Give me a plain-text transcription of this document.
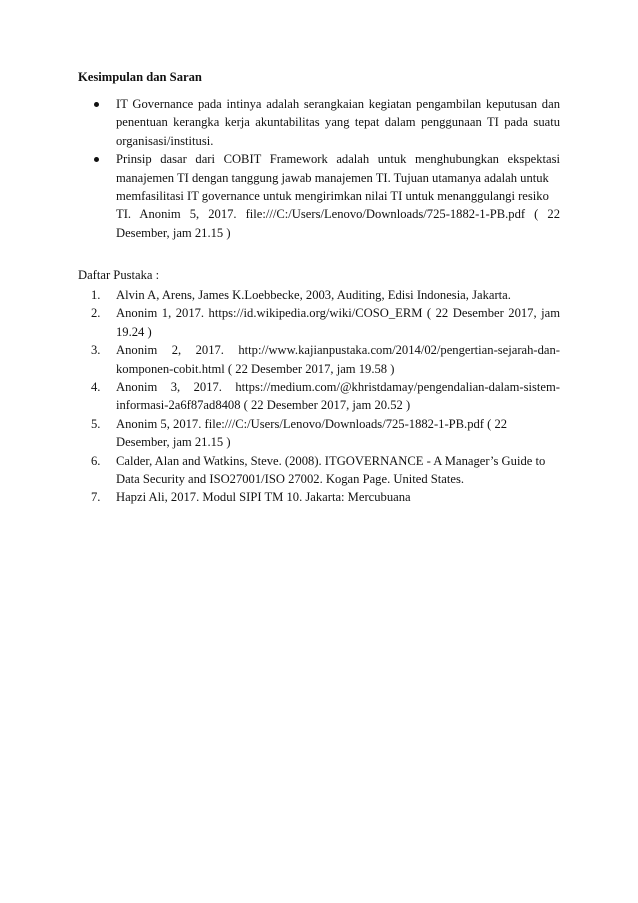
Kesimpulan dan Saran

IT Governance pada intinya adalah serangkaian kegiatan pengambilan keputusan dan
penentuan kerangka kerja akuntabilitas yang tepat dalam penggunaan TI pada suatu
organisasi/institusi.
Prinsip dasar dari COBIT Framework adalah untuk menghubungkan ekspektasi
manajemen TI dengan tanggung jawab manajemen TI. Tujuan utamanya adalah untuk
memfasilitasi IT governance untuk mengirimkan nilai TI untuk menanggulangi resiko
TI. Anonim 5, 2017. file:///C:/Users/Lenovo/Downloads/725-1882-1-PB.pdf ( 22
Desember, jam 21.15 )

Daftar Pustaka :

1. Alvin A, Arens, James K.Loebbecke, 2003, Auditing, Edisi Indonesia, Jakarta.
2. Anonim 1, 2017. https://id.wikipedia.org/wiki/COSO_ERM ( 22 Desember 2017, jam
19.24 )
3. Anonim 2, 2017. http://www.kajianpustaka.com/2014/02/pengertian-sejarah-dan-
komponen-cobit.html ( 22 Desember 2017, jam 19.58 )
4. Anonim 3, 2017. https://medium.com/@khristdamay/pengendalian-dalam-sistem-
informasi-2a6f87ad8408 ( 22 Desember 2017, jam 20.52 )
5. Anonim 5, 2017. file:///C:/Users/Lenovo/Downloads/725-1882-1-PB.pdf ( 22
Desember, jam 21.15 )
6. Calder, Alan and Watkins, Steve. (2008). ITGOVERNANCE - A Manager’s Guide to
Data Security and ISO27001/ISO 27002. Kogan Page. United States.
7. Hapzi Ali, 2017. Modul SIPI TM 10. Jakarta: Mercubuana
